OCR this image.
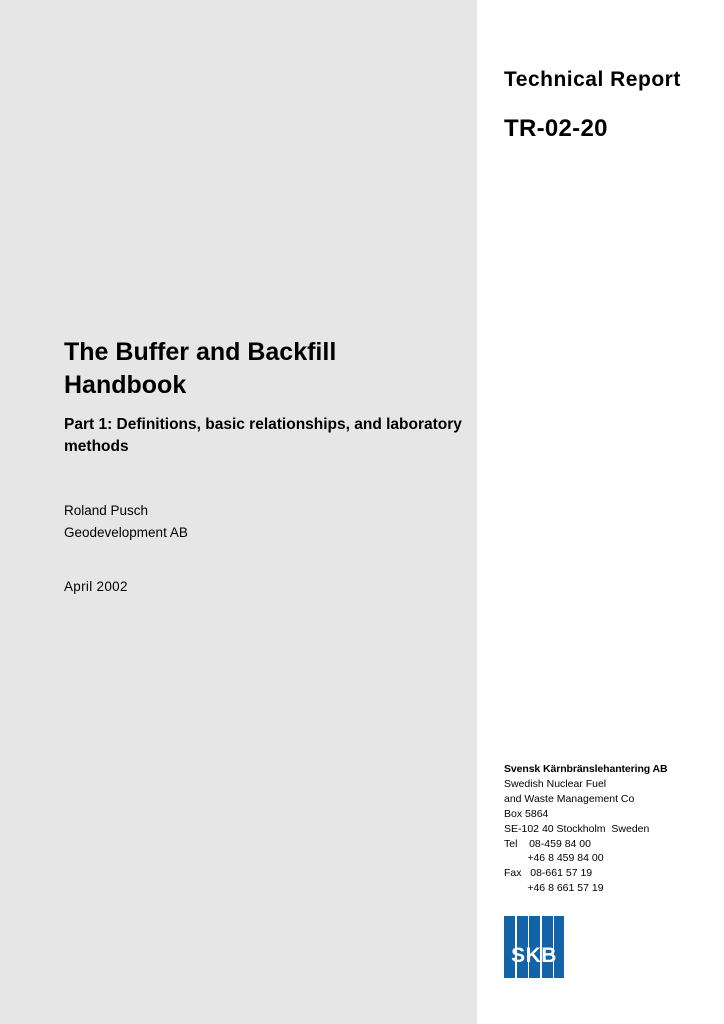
Technical Report
TR-02-20
The Buffer and Backfill Handbook
Part 1: Definitions, basic relationships, and laboratory methods
Roland Pusch
Geodevelopment AB
April 2002
Svensk Kärnbränslehantering AB
Swedish Nuclear Fuel
and Waste Management Co
Box 5864
SE-102 40 Stockholm  Sweden
Tel    08-459 84 00
+46 8 459 84 00
Fax   08-661 57 19
+46 8 661 57 19
SKB
